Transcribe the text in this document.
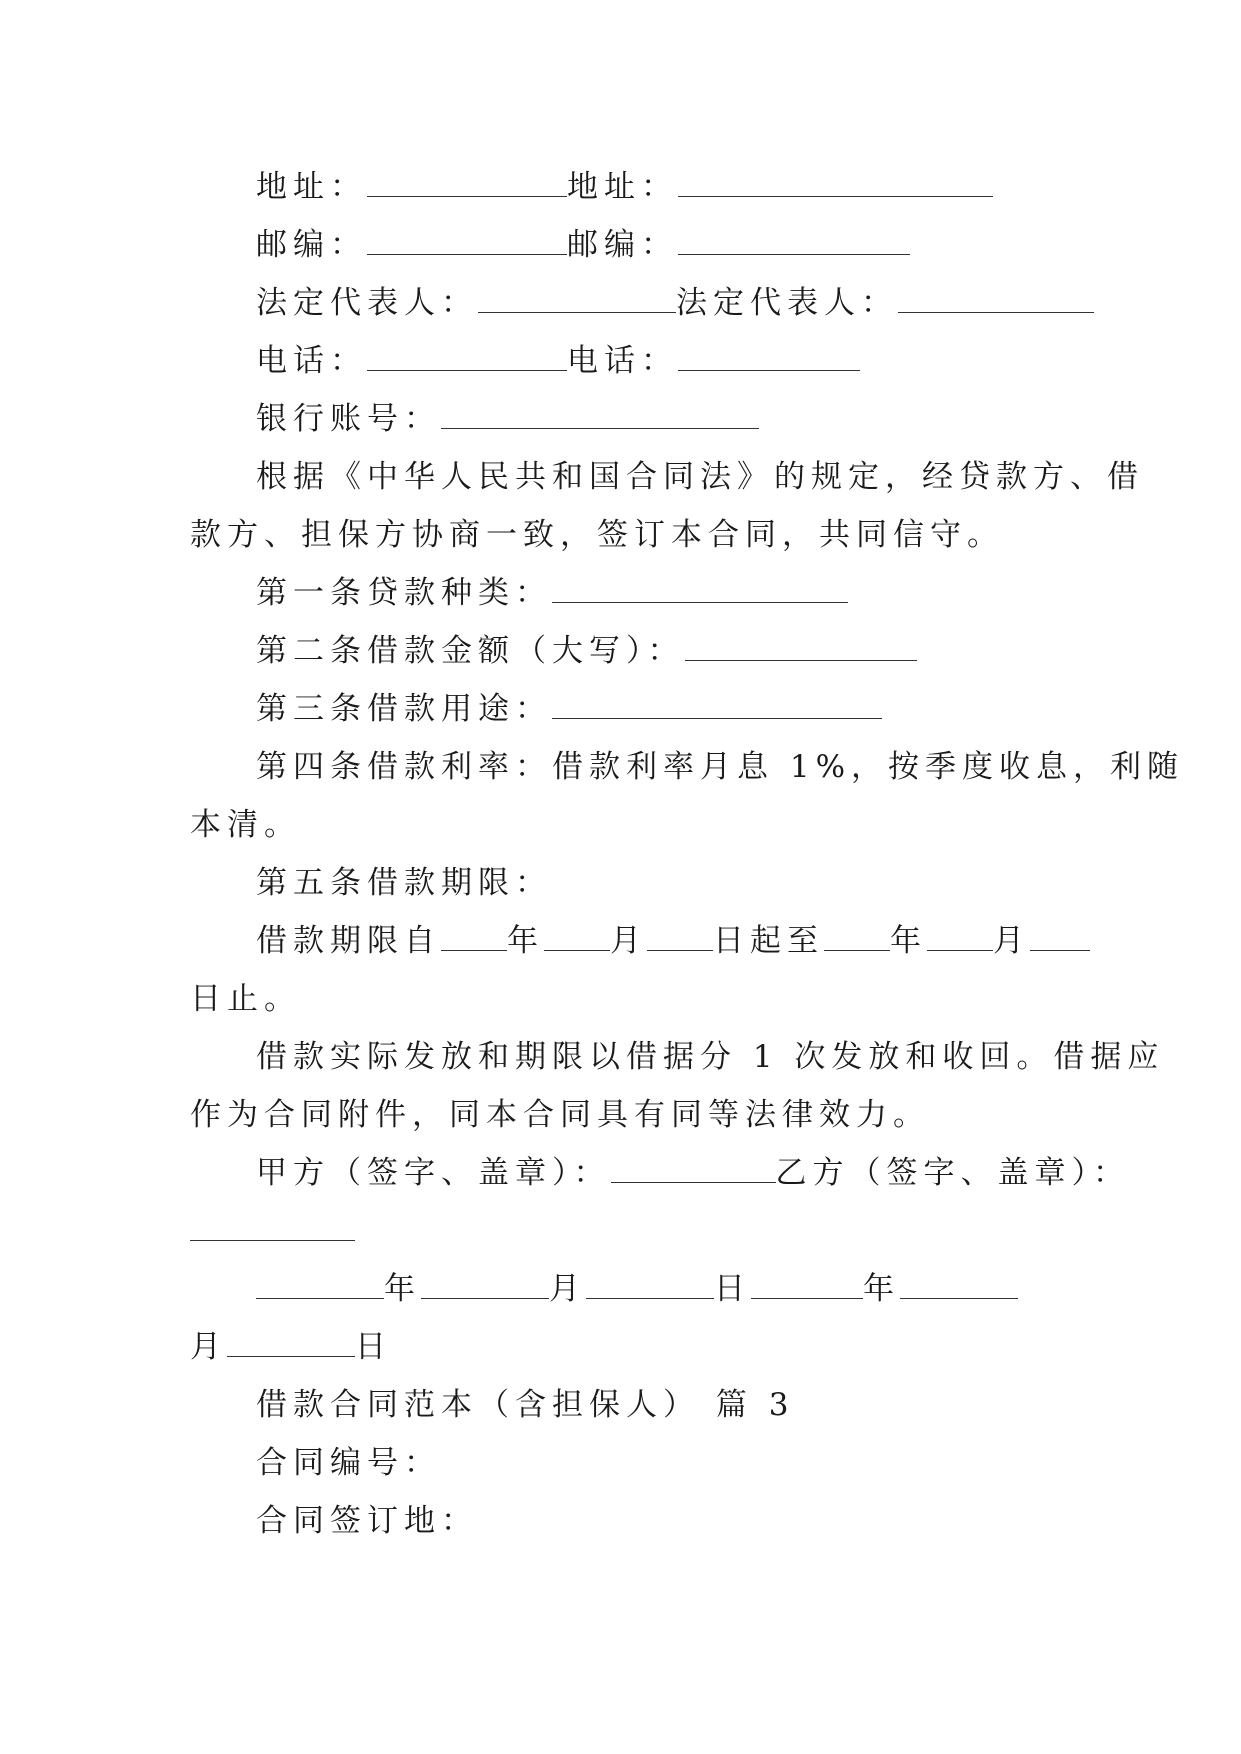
地址：	地址：
邮编：	邮编：
法定代表人：	法定代表人：
电话：	电话：
银行账号：
根据《中华人民共和国合同法》的规定，经贷款方、借
款方、担保方协商一致，签订本合同，共同信守。
第一条贷款种类：
第二条借款金额（大写）：
第三条借款用途：
第四条借款利率：借款利率月息 1%，按季度收息，利随
本清。
第五条借款期限：
借款期限自 年 月 日起至 年 月
日止。
借款实际发放和期限以借据分 1 次发放和收回。借据应
作为合同附件，同本合同具有同等法律效力。
甲方（签字、盖章）：	乙方（签字、盖章）：
年	月	日	年
月	日
借款合同范本（含担保人） 篇 3
合同编号：
合同签订地：
